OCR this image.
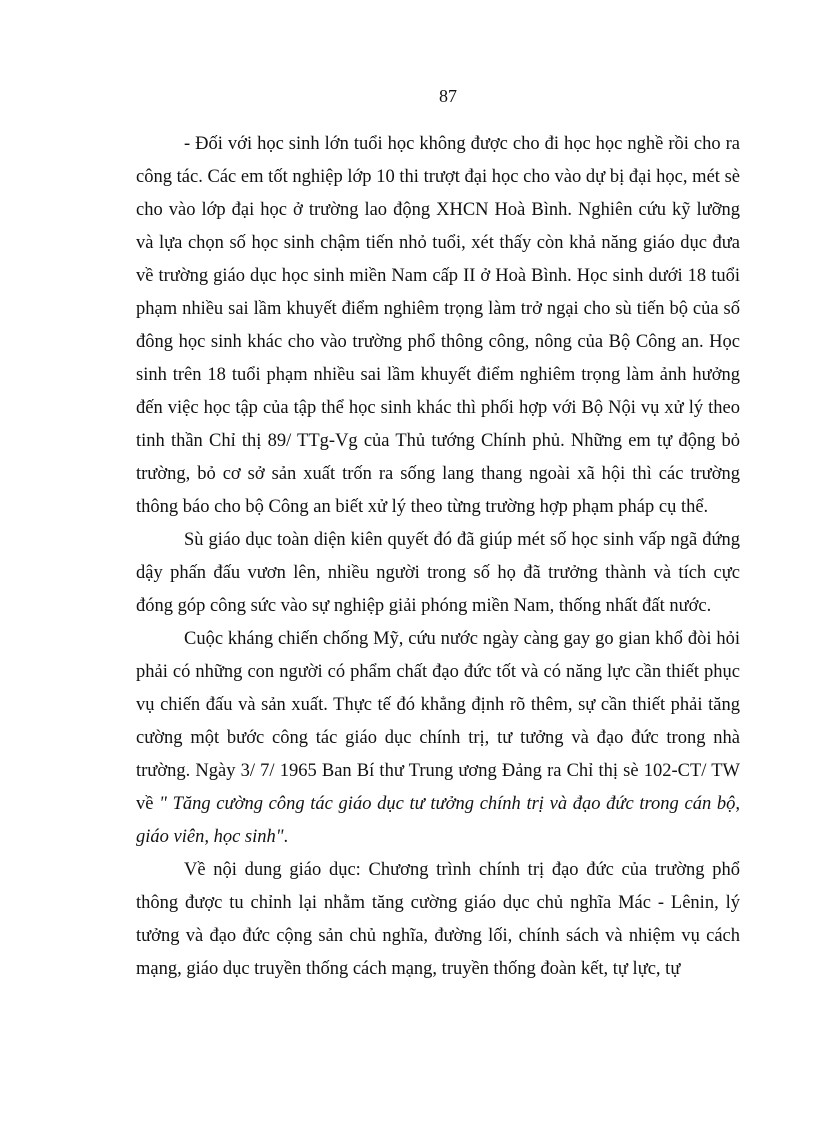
87

- Đối với học sinh lớn tuổi học không được cho đi học học nghề rồi cho ra công tác. Các em tốt nghiệp lớp 10 thi trượt đại học cho vào dự bị đại học, mét sè cho vào lớp đại học ở trường lao động XHCN Hoà Bình. Nghiên cứu kỹ lưỡng và lựa chọn số học sinh chậm tiến nhỏ tuổi, xét thấy còn khả năng giáo dục đưa về trường giáo dục học sinh miền Nam cấp II ở Hoà Bình. Học sinh dưới 18 tuổi phạm nhiều sai lầm khuyết điểm nghiêm trọng làm trở ngại cho sù tiến bộ của số đông học sinh khác cho vào trường phổ thông công, nông của Bộ Công an. Học sinh trên 18 tuổi phạm nhiều sai lầm khuyết điểm nghiêm trọng làm ảnh hưởng đến việc học tập của tập thể học sinh khác thì phối hợp với Bộ Nội vụ xử lý theo tinh thần Chỉ thị 89/ TTg-Vg của Thủ tướng Chính phủ. Những em tự động bỏ trường, bỏ cơ sở sản xuất trốn ra sống lang thang ngoài xã hội thì các trường thông báo cho bộ Công an biết xử lý theo từng trường hợp phạm pháp cụ thể.

Sù giáo dục toàn diện kiên quyết đó đã giúp mét số học sinh vấp ngã đứng dậy phấn đấu vươn lên, nhiều người trong số họ đã trưởng thành và tích cực đóng góp công sức vào sự nghiệp giải phóng miền Nam, thống nhất đất nước.

Cuộc kháng chiến chống Mỹ, cứu nước ngày càng gay go gian khổ đòi hỏi phải có những con người có phẩm chất đạo đức tốt và có năng lực cần thiết phục vụ chiến đấu và sản xuất. Thực tế đó khẳng định rõ thêm, sự cần thiết phải tăng cường một bước công tác giáo dục chính trị, tư tưởng và đạo đức trong nhà trường. Ngày 3/ 7/ 1965 Ban Bí thư Trung ương Đảng ra Chỉ thị sè 102-CT/ TW về " Tăng cường công tác giáo dục tư tưởng chính trị và đạo đức trong cán bộ, giáo viên, học sinh".

Về nội dung giáo dục: Chương trình chính trị đạo đức của trường phổ thông được tu chỉnh lại nhằm tăng cường giáo dục chủ nghĩa Mác - Lênin, lý tưởng và đạo đức cộng sản chủ nghĩa, đường lối, chính sách và nhiệm vụ cách mạng, giáo dục truyền thống cách mạng, truyền thống đoàn kết, tự lực, tự
